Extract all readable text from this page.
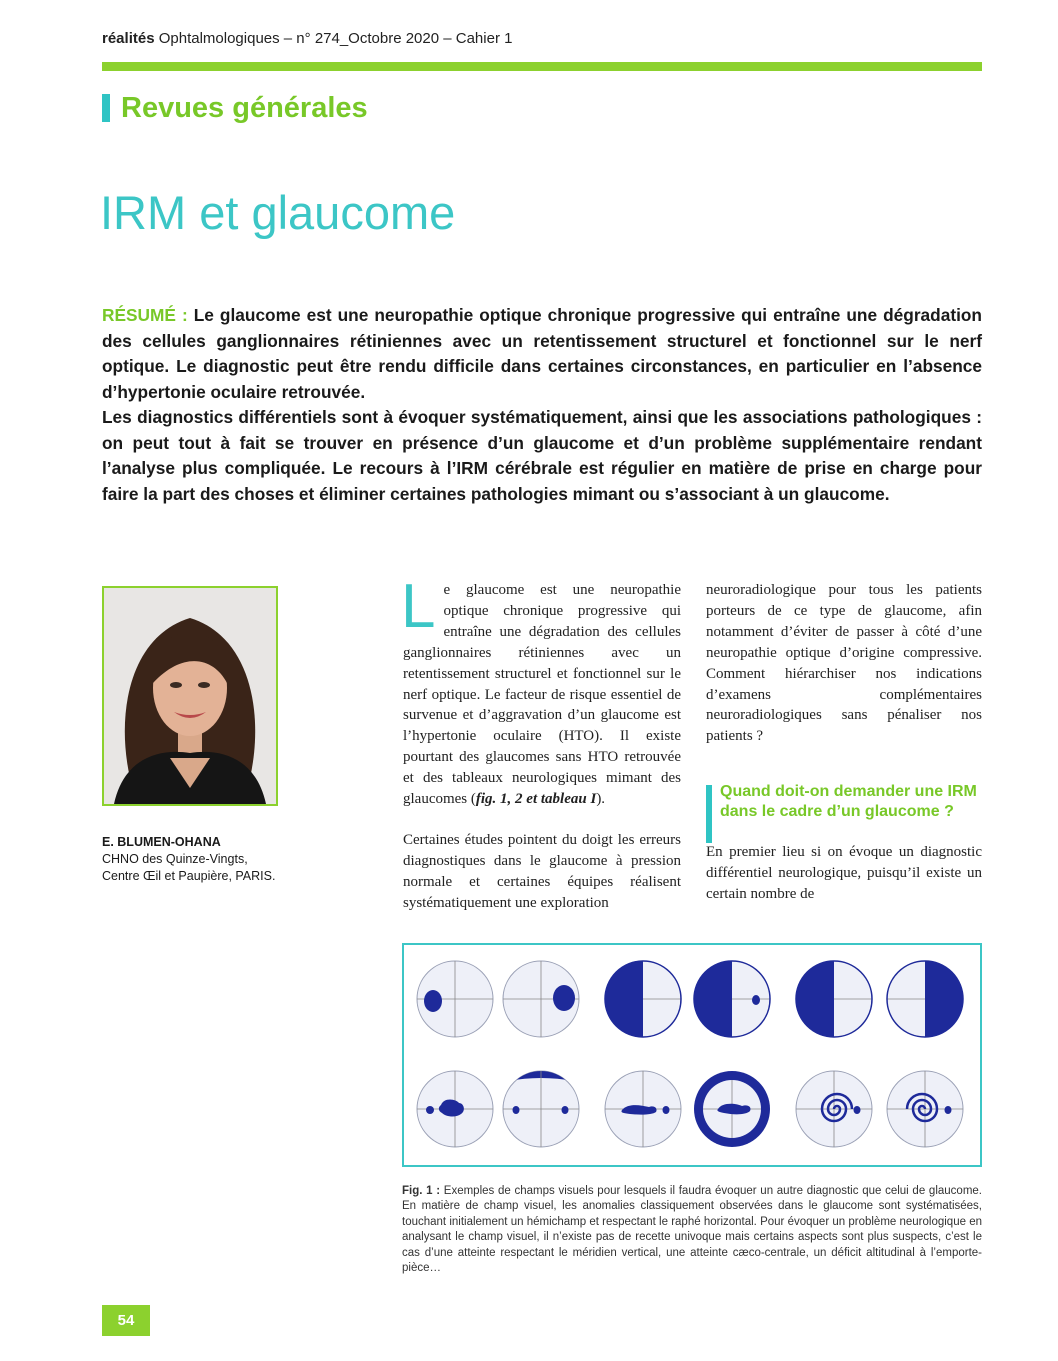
réalités Ophtalmologiques – n° 274_Octobre 2020 – Cahier 1
Revues générales
IRM et glaucome

RÉSUMÉ : Le glaucome est une neuropathie optique chronique progressive qui entraîne une dégradation des cellules ganglionnaires rétiniennes avec un retentissement structurel et fonctionnel sur le nerf optique. Le diagnostic peut être rendu difficile dans certaines circonstances, en particulier en l’absence d’hypertonie oculaire retrouvée.

Les diagnostics différentiels sont à évoquer systématiquement, ainsi que les associations pathologiques : on peut tout à fait se trouver en présence d’un glaucome et d’un problème supplémentaire rendant l’analyse plus compliquée. Le recours à l’IRM cérébrale est régulier en matière de prise en charge pour faire la part des choses et éliminer certaines pathologies mimant ou s’associant à un glaucome.

E. BLUMEN-OHANA
CHNO des Quinze-Vingts,
Centre Œil et Paupière, PARIS.

Le glaucome est une neuropathie optique chronique progressive qui entraîne une dégradation des cellules ganglionnaires rétiniennes avec un retentissement structurel et fonctionnel sur le nerf optique. Le facteur de risque essentiel de survenue et d’aggravation d’un glaucome est l’hypertonie oculaire (HTO). Il existe pourtant des glaucomes sans HTO retrouvée et des tableaux neurologiques mimant des glaucomes (fig. 1, 2 et tableau I).

Certaines études pointent du doigt les erreurs diagnostiques dans le glaucome à pression normale et certaines équipes réalisent systématiquement une exploration

neuroradiologique pour tous les patients porteurs de ce type de glaucome, afin notamment d’éviter de passer à côté d’une neuropathie optique d’origine compressive. Comment hiérarchiser nos indications d’examens complémentaires neuroradiologiques sans pénaliser nos patients ?

Quand doit-on demander une IRM dans le cadre d’un glaucome ?

En premier lieu si on évoque un diagnostic différentiel neurologique, puisqu’il existe un certain nombre de

Fig. 1 : Exemples de champs visuels pour lesquels il faudra évoquer un autre diagnostic que celui de glaucome. En matière de champ visuel, les anomalies classiquement observées dans le glaucome sont systématisées, touchant initialement un hémichamp et respectant le raphé horizontal. Pour évoquer un problème neurologique en analysant le champ visuel, il n’existe pas de recette univoque mais certains aspects sont plus suspects, c’est le cas d’une atteinte respectant le méridien vertical, une atteinte cæco-centrale, un déficit altitudinal à l’emporte-pièce…
54
